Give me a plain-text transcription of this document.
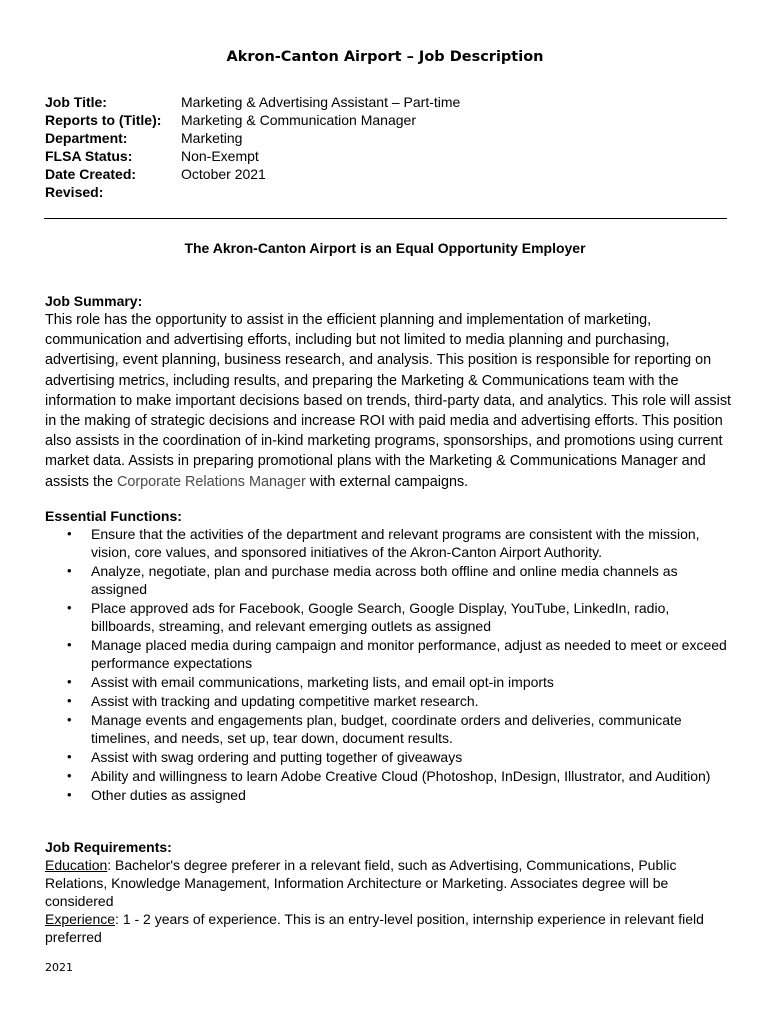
Akron-Canton Airport – Job Description
Job Title:	Marketing & Advertising Assistant – Part-time
Reports to (Title):	Marketing & Communication Manager
Department:	Marketing
FLSA Status:	Non-Exempt
Date Created:	October 2021
Revised:
The Akron-Canton Airport is an Equal Opportunity Employer
Job Summary:

This role has the opportunity to assist in the efficient planning and implementation of marketing, communication and advertising efforts, including but not limited to media planning and purchasing, advertising, event planning, business research, and analysis. This position is responsible for reporting on advertising metrics, including results, and preparing the Marketing & Communications team with the information to make important decisions based on trends, third-party data, and analytics. This role will assist in the making of strategic decisions and increase ROI with paid media and advertising efforts. This position also assists in the coordination of in-kind marketing programs, sponsorships, and promotions using current market data. Assists in preparing promotional plans with the Marketing & Communications Manager and assists the Corporate Relations Manager with external campaigns.

Essential Functions:
• Ensure that the activities of the department and relevant programs are consistent with the mission, vision, core values, and sponsored initiatives of the Akron-Canton Airport Authority.
• Analyze, negotiate, plan and purchase media across both offline and online media channels as assigned
• Place approved ads for Facebook, Google Search, Google Display, YouTube, LinkedIn, radio, billboards, streaming, and relevant emerging outlets as assigned
• Manage placed media during campaign and monitor performance, adjust as needed to meet or exceed performance expectations
• Assist with email communications, marketing lists, and email opt-in imports
• Assist with tracking and updating competitive market research.
• Manage events and engagements plan, budget, coordinate orders and deliveries, communicate timelines, and needs, set up, tear down, document results.
• Assist with swag ordering and putting together of giveaways
• Ability and willingness to learn Adobe Creative Cloud (Photoshop, InDesign, Illustrator, and Audition)
• Other duties as assigned
Job Requirements:

Education: Bachelor's degree preferer in a relevant field, such as Advertising, Communications, Public Relations, Knowledge Management, Information Architecture or Marketing. Associates degree will be considered

Experience: 1 - 2 years of experience. This is an entry-level position, internship experience in relevant field preferred

2021
